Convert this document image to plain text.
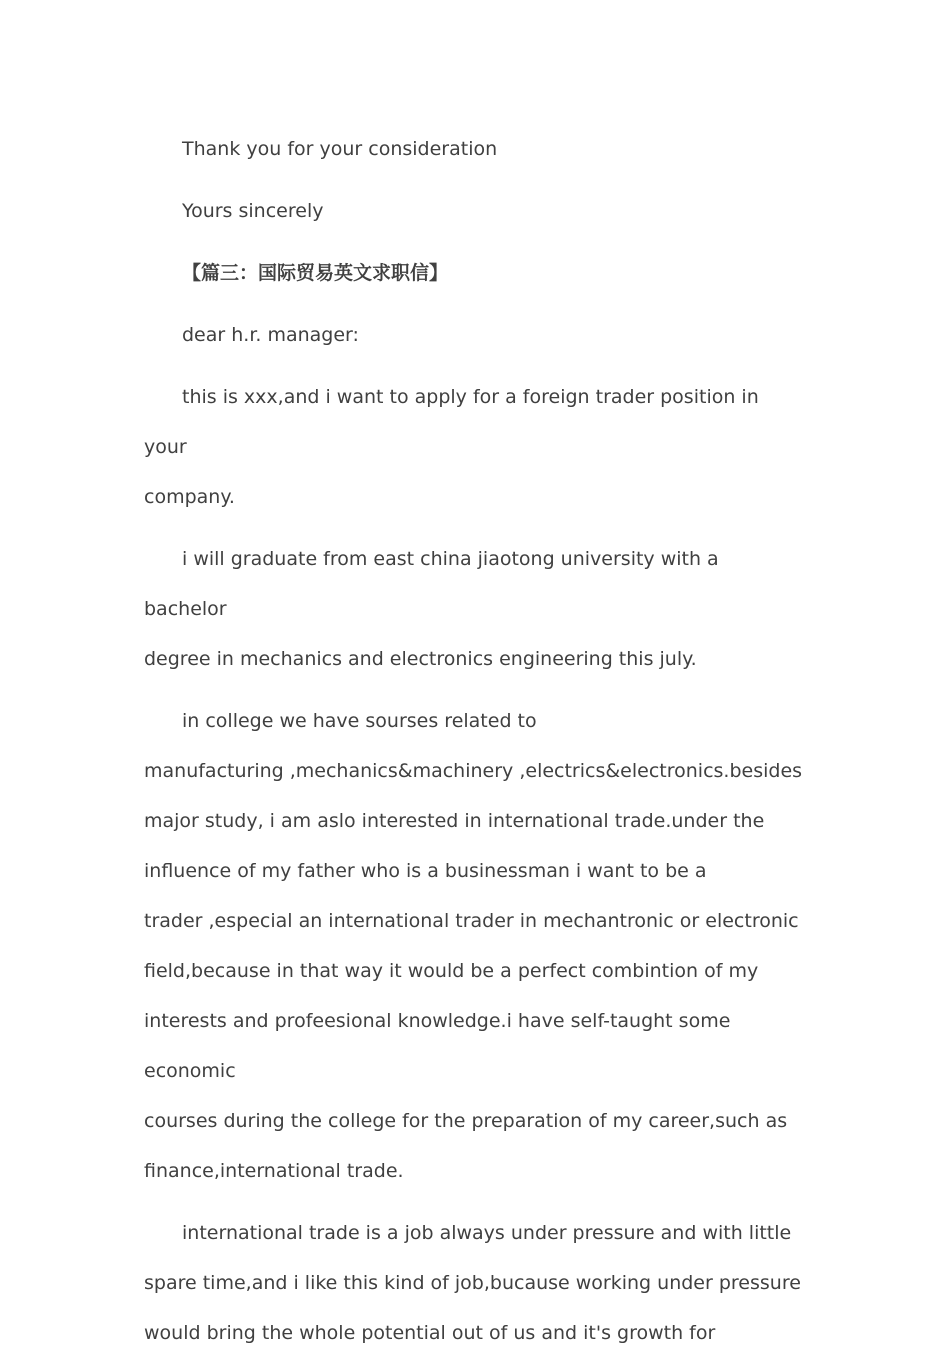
Thank you for your consideration

Yours sincerely

【篇三：国际贸易英文求职信】

dear h.r. manager:

this is xxx,and i want to apply for a foreign trader position in your
company.

i will graduate from east china jiaotong university with a bachelor
degree in mechanics and electronics engineering this july.

in college we have sourses related to
manufacturing ,mechanics&machinery ,electrics&electronics.besides
major study, i am aslo interested in international trade.under the
influence of my father who is a businessman i want to be a
trader ,especial an international trader in mechantronic or electronic
field,because in that way it would be a perfect combintion of my
interests and profeesional knowledge.i have self-taught some economic
courses during the college for the preparation of my career,such as
finance,international trade.

international trade is a job always under pressure and with little
spare time,and i like this kind of job,bucause working under pressure
would bring the whole potential out of us and it's growth for
